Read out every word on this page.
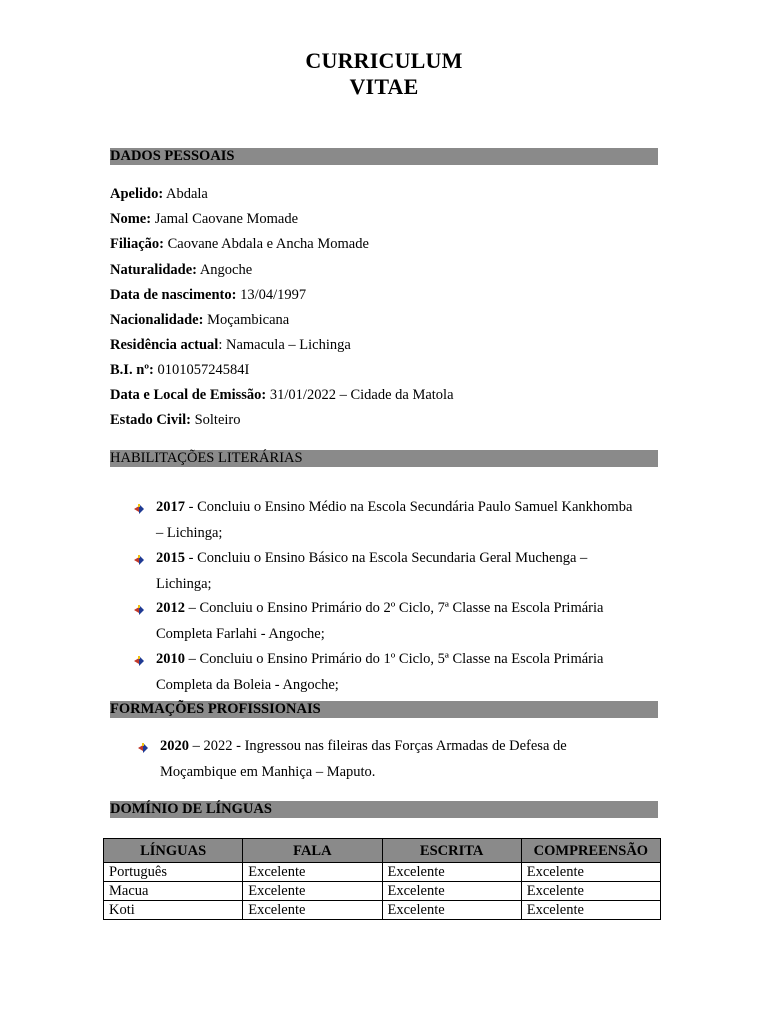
CURRICULUM
VITAE
DADOS PESSOAIS
Apelido: Abdala
Nome: Jamal Caovane Momade
Filiação: Caovane Abdala e Ancha Momade
Naturalidade: Angoche
Data de nascimento: 13/04/1997
Nacionalidade: Moçambicana
Residência actual: Namacula – Lichinga
B.I. nº: 010105724584I
Data e Local de Emissão: 31/01/2022 – Cidade da Matola
Estado Civil: Solteiro
HABILITAÇÕES LITERÁRIAS
2017 - Concluiu o Ensino Médio na Escola Secundária Paulo Samuel Kankhomba – Lichinga;
2015 - Concluiu o Ensino Básico na Escola Secundaria Geral Muchenga – Lichinga;
2012 – Concluiu o Ensino Primário do 2º Ciclo, 7ª Classe na Escola Primária Completa Farlahi - Angoche;
2010 – Concluiu o Ensino Primário do 1º Ciclo, 5ª Classe na Escola Primária Completa da Boleia - Angoche;
FORMAÇÕES PROFISSIONAIS
2020 – 2022 - Ingressou nas fileiras das Forças Armadas de Defesa de Moçambique em Manhiça – Maputo.
DOMÍNIO DE LÍNGUAS
LÍNGUAS	FALA	ESCRITA	COMPREENSÃO
Português	Excelente	Excelente	Excelente
Macua	Excelente	Excelente	Excelente
Koti	Excelente	Excelente	Excelente
